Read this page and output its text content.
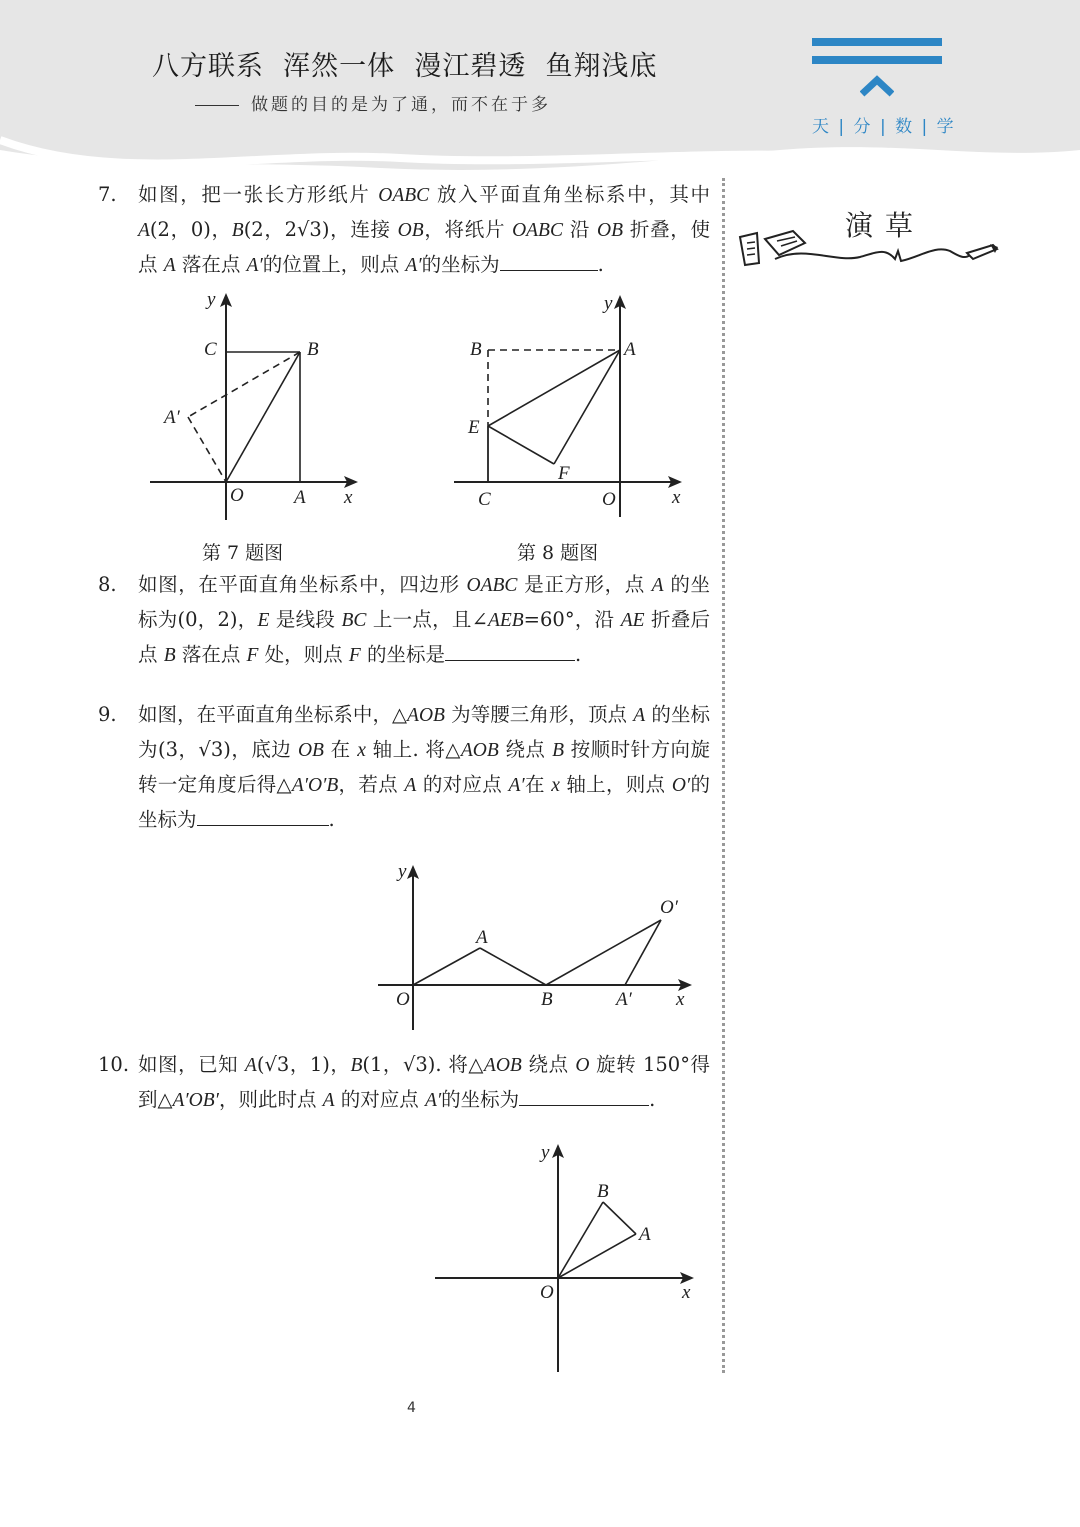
八方联系  浑然一体  漫江碧透  鱼翔浅底
做题的目的是为了通，而不在于多
天 | 分 | 数 | 学
演草
7. 如图，把一张长方形纸片 OABC 放入平面直角坐标系中，其中 A(2，0)，B(2，2√3)，连接 OB，将纸片 OABC 沿 OB 折叠，使点 A 落在点 A′的位置上，则点 A′的坐标为	.
y
C	B
A′
O	A x
第 7 题图
y
B	A
E
F
C	O	x
第 8 题图
8. 如图，在平面直角坐标系中，四边形 OABC 是正方形，点 A 的坐标为(0，2)，E 是线段 BC 上一点，且∠AEB=60°，沿 AE 折叠后点 B 落在点 F 处，则点 F 的坐标是	.
9. 如图，在平面直角坐标系中，△AOB 为等腰三角形，顶点 A 的坐标为(3，√3)，底边 OB 在 x 轴上. 将△AOB 绕点 B 按顺时针方向旋转一定角度后得△A′O′B，若点 A 的对应点 A′在 x 轴上，则点 O′的坐标为	.
y
O′
A
O	B	A′ x
10. 如图，已知 A(√3，1)，B(1，√3). 将△AOB 绕点 O 旋转 150°得到△A′OB′，则此时点 A 的对应点 A′的坐标为	.
y
B
A
O	x
4
